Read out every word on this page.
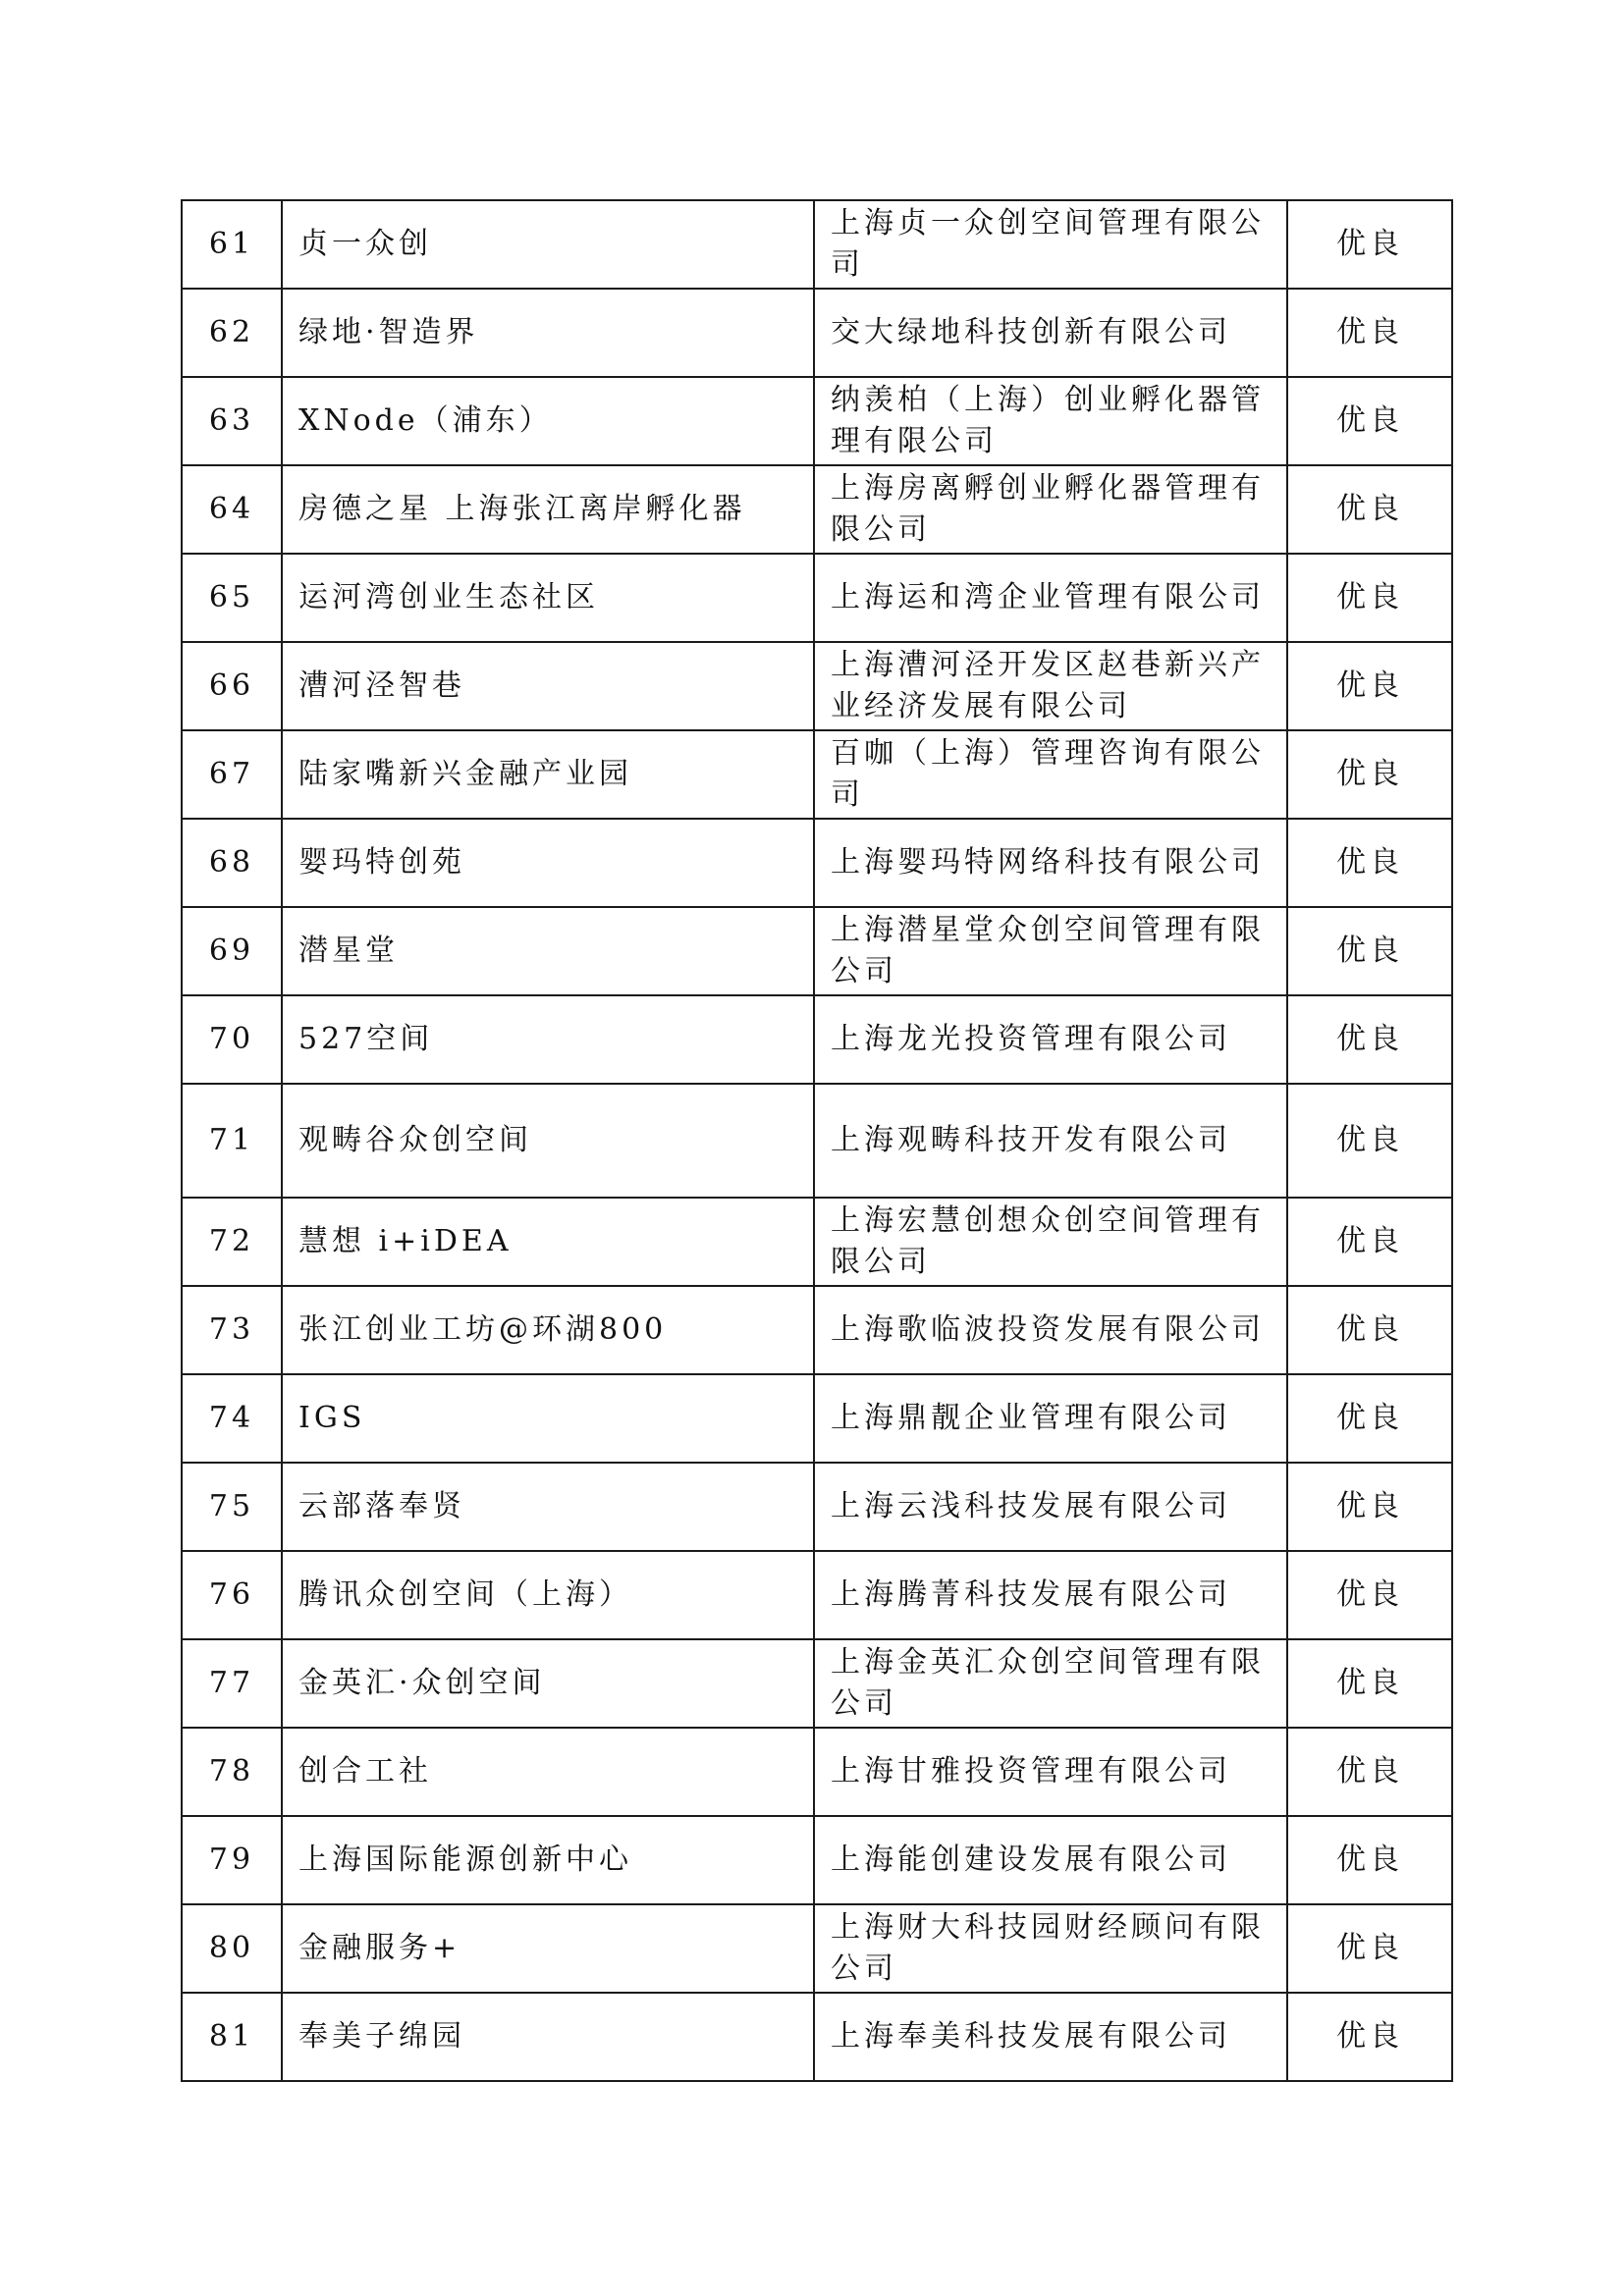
61	贞一众创	上海贞一众创空间管理有限公司	优良
62	绿地·智造界	交大绿地科技创新有限公司	优良
63	XNode（浦东）	纳羡柏（上海）创业孵化器管理有限公司	优良
64	房德之星 上海张江离岸孵化器	上海房离孵创业孵化器管理有限公司	优良
65	运河湾创业生态社区	上海运和湾企业管理有限公司	优良
66	漕河泾智巷	上海漕河泾开发区赵巷新兴产业经济发展有限公司	优良
67	陆家嘴新兴金融产业园	百咖（上海）管理咨询有限公司	优良
68	婴玛特创苑	上海婴玛特网络科技有限公司	优良
69	潜星堂	上海潜星堂众创空间管理有限公司	优良
70	527空间	上海龙光投资管理有限公司	优良
71	观畴谷众创空间	上海观畴科技开发有限公司	优良
72	慧想 i+iDEA	上海宏慧创想众创空间管理有限公司	优良
73	张江创业工坊@环湖800	上海歌临波投资发展有限公司	优良
74	IGS	上海鼎靓企业管理有限公司	优良
75	云部落奉贤	上海云浅科技发展有限公司	优良
76	腾讯众创空间（上海）	上海腾菁科技发展有限公司	优良
77	金英汇·众创空间	上海金英汇众创空间管理有限公司	优良
78	创合工社	上海甘雅投资管理有限公司	优良
79	上海国际能源创新中心	上海能创建设发展有限公司	优良
80	金融服务+	上海财大科技园财经顾问有限公司	优良
81	奉美子绵园	上海奉美科技发展有限公司	优良
